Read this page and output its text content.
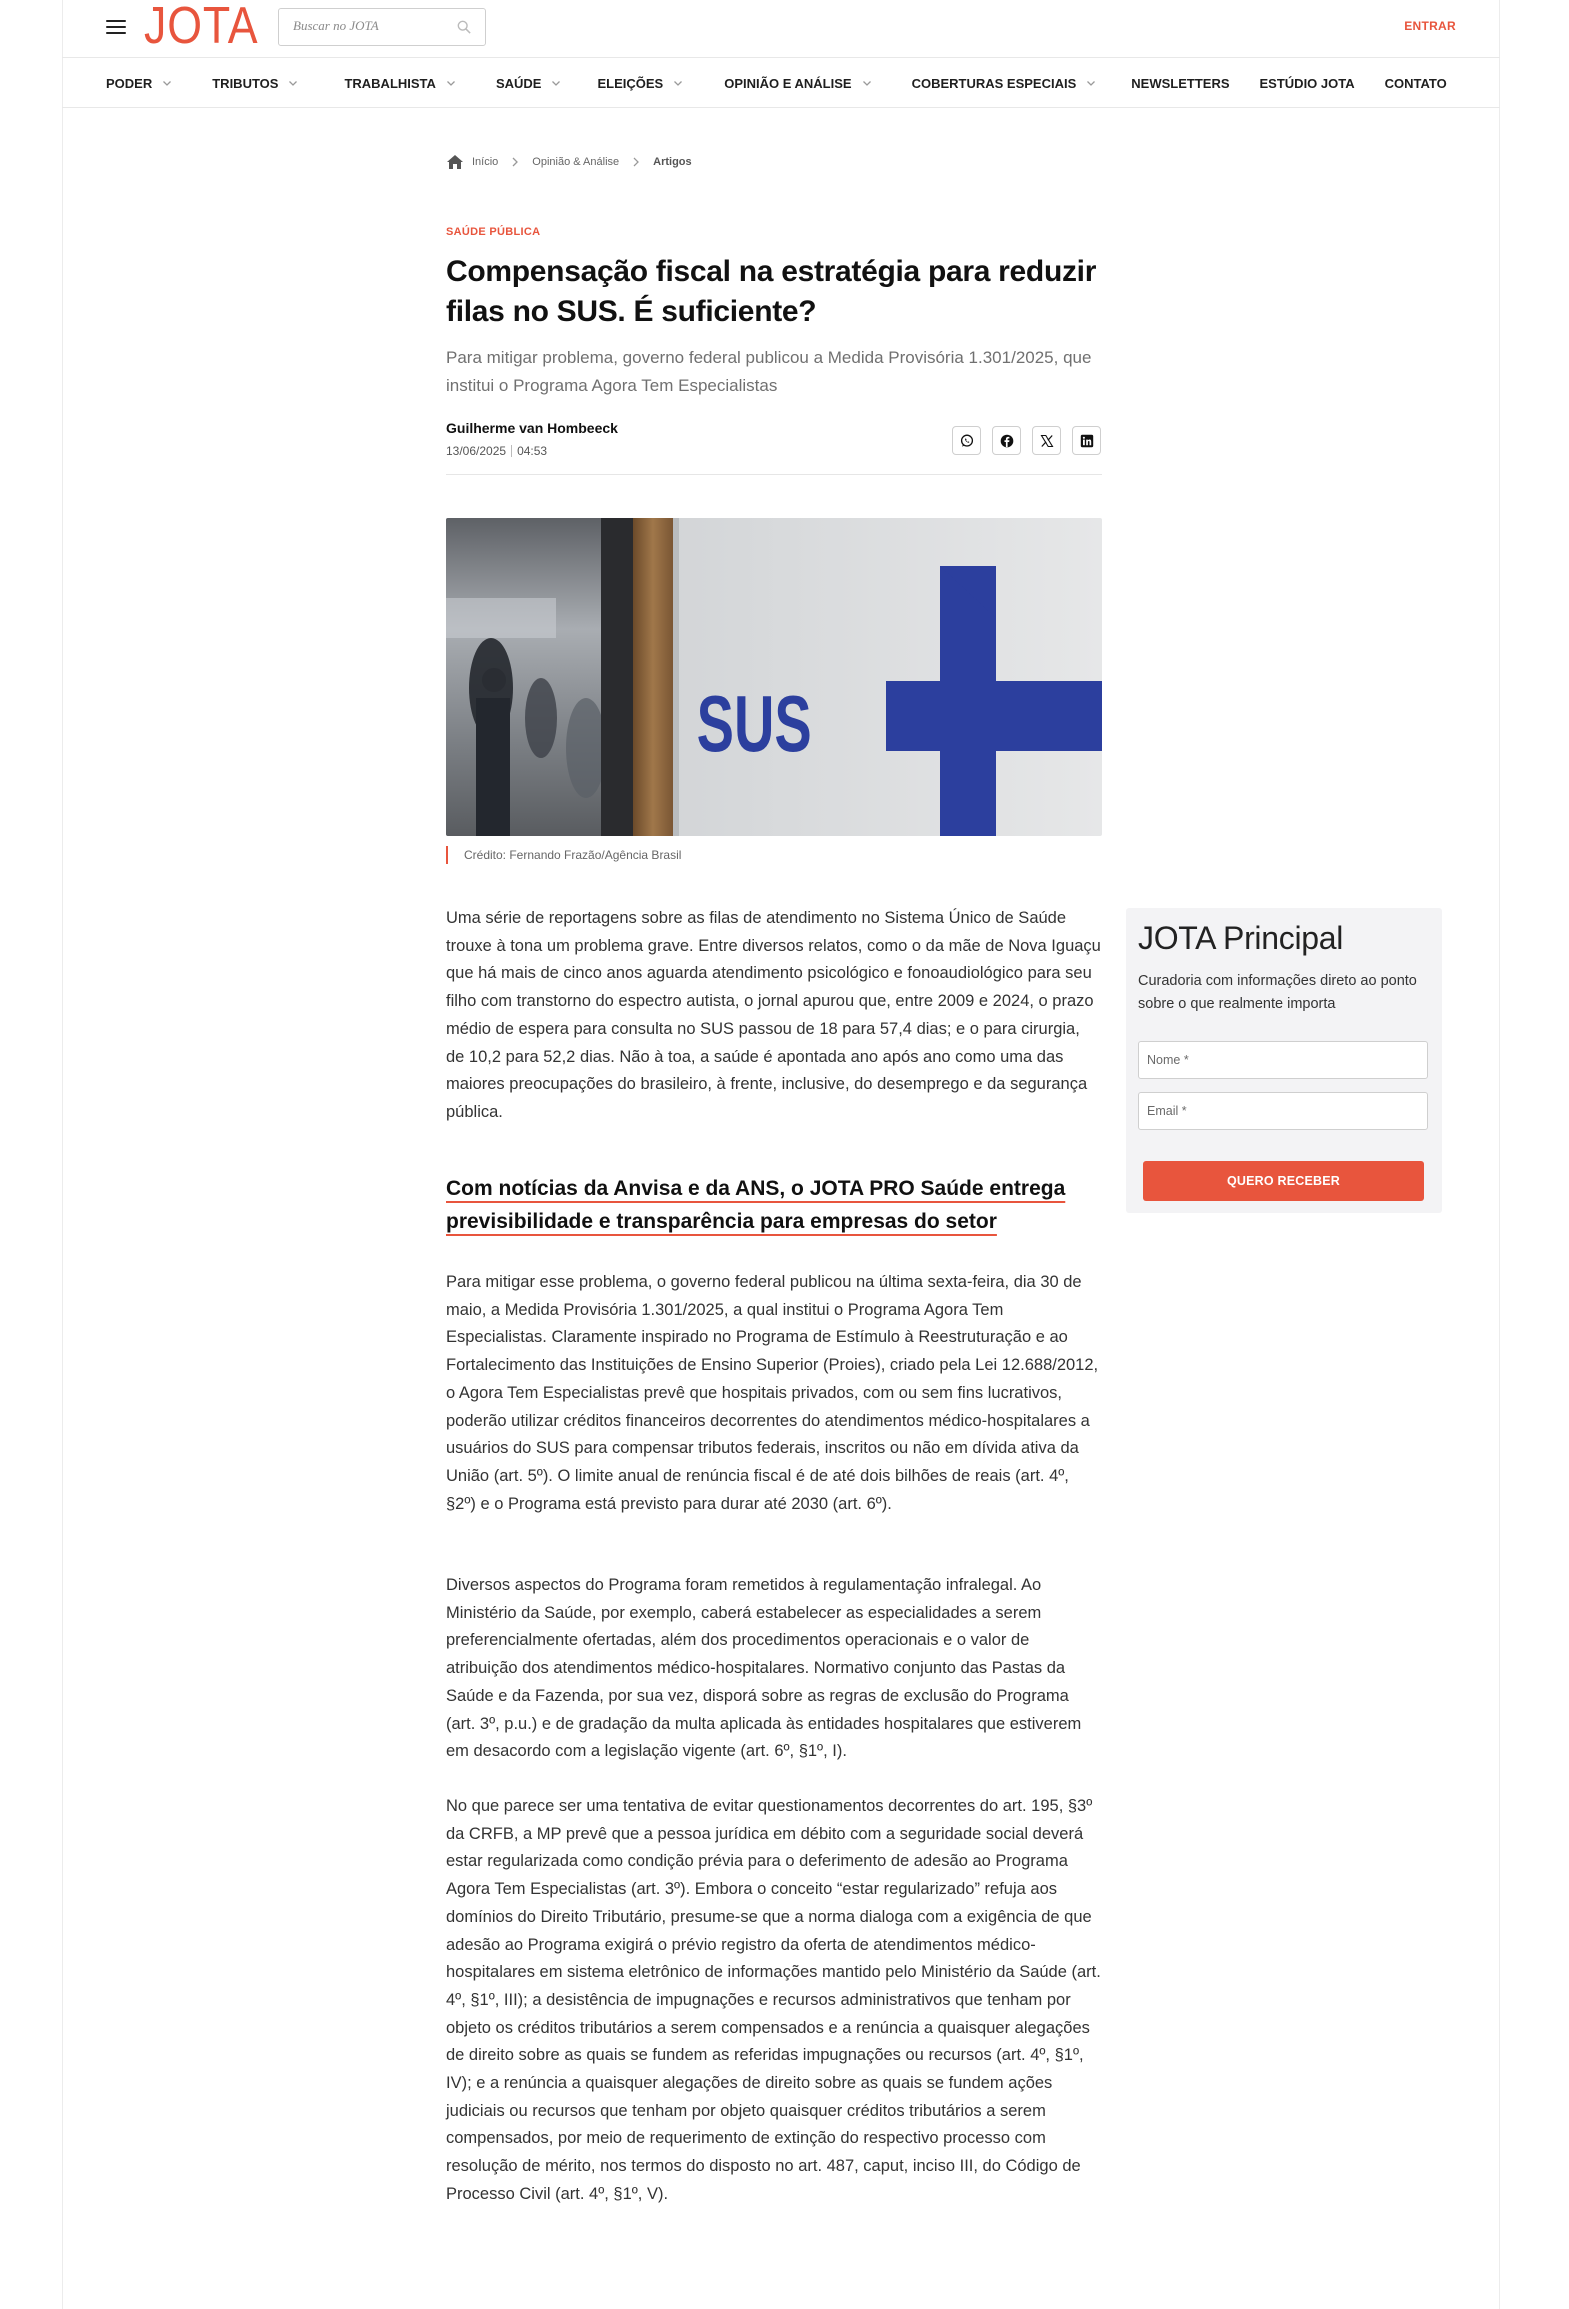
JOTA
Buscar no JOTA	ENTRAR
PODER	TRIBUTOS	TRABALHISTA	SAÚDE	ELEIÇÕES	OPINIÃO E ANÁLISE	COBERTURAS ESPECIAIS	NEWSLETTERS ESTÚDIO JOTA CONTATO
Início	Opinião & Análise	Artigos
SAÚDE PÚBLICA
Compensação fiscal na estratégia para reduzir filas no SUS. É suficiente?

Para mitigar problema, governo federal publicou a Medida Provisória 1.301/2025, que institui o Programa Agora Tem Especialistas

Guilherme van Hombeeck
13/06/2025 04:53
SUS
Crédito: Fernando Frazão/Agência Brasil

Uma série de reportagens sobre as filas de atendimento no Sistema Único de Saúde trouxe à tona um problema grave. Entre diversos relatos, como o da mãe de Nova Iguaçu que há mais de cinco anos aguarda atendimento psicológico e fonoaudiológico para seu filho com transtorno do espectro autista, o jornal apurou que, entre 2009 e 2024, o prazo médio de espera para consulta no SUS passou de 18 para 57,4 dias; e o para cirurgia, de 10,2 para 52,2 dias. Não à toa, a saúde é apontada ano após ano como uma das maiores preocupações do brasileiro, à frente, inclusive, do desemprego e da segurança pública.

Com notícias da Anvisa e da ANS, o JOTA PRO Saúde entrega previsibilidade e transparência para empresas do setor

Para mitigar esse problema, o governo federal publicou na última sexta-feira, dia 30 de maio, a Medida Provisória 1.301/2025, a qual institui o Programa Agora Tem Especialistas. Claramente inspirado no Programa de Estímulo à Reestruturação e ao Fortalecimento das Instituições de Ensino Superior (Proies), criado pela Lei 12.688/2012, o Agora Tem Especialistas prevê que hospitais privados, com ou sem fins lucrativos, poderão utilizar créditos financeiros decorrentes do atendimentos médico-hospitalares a usuários do SUS para compensar tributos federais, inscritos ou não em dívida ativa da União (art. 5º). O limite anual de renúncia fiscal é de até dois bilhões de reais (art. 4º, §2º) e o Programa está previsto para durar até 2030 (art. 6º).

Diversos aspectos do Programa foram remetidos à regulamentação infralegal. Ao Ministério da Saúde, por exemplo, caberá estabelecer as especialidades a serem preferencialmente ofertadas, além dos procedimentos operacionais e o valor de atribuição dos atendimentos médico-hospitalares. Normativo conjunto das Pastas da Saúde e da Fazenda, por sua vez, disporá sobre as regras de exclusão do Programa (art. 3º, p.u.) e de gradação da multa aplicada às entidades hospitalares que estiverem em desacordo com a legislação vigente (art. 6º, §1º, I).

No que parece ser uma tentativa de evitar questionamentos decorrentes do art. 195, §3º da CRFB, a MP prevê que a pessoa jurídica em débito com a seguridade social deverá estar regularizada como condição prévia para o deferimento de adesão ao Programa Agora Tem Especialistas (art. 3º). Embora o conceito “estar regularizado” refuja aos domínios do Direito Tributário, presume-se que a norma dialoga com a exigência de que adesão ao Programa exigirá o prévio registro da oferta de atendimentos médico-hospitalares em sistema eletrônico de informações mantido pelo Ministério da Saúde (art. 4º, §1º, III); a desistência de impugnações e recursos administrativos que tenham por objeto os créditos tributários a serem compensados e a renúncia a quaisquer alegações de direito sobre as quais se fundem as referidas impugnações ou recursos (art. 4º, §1º, IV); e a renúncia a quaisquer alegações de direito sobre as quais se fundem ações judiciais ou recursos que tenham por objeto quaisquer créditos tributários a serem compensados, por meio de requerimento de extinção do respectivo processo com resolução de mérito, nos termos do disposto no art. 487, caput, inciso III, do Código de Processo Civil (art. 4º, §1º, V).

JOTA Principal
Curadoria com informações direto ao ponto sobre o que realmente importa
Nome *
Email *
QUERO RECEBER
